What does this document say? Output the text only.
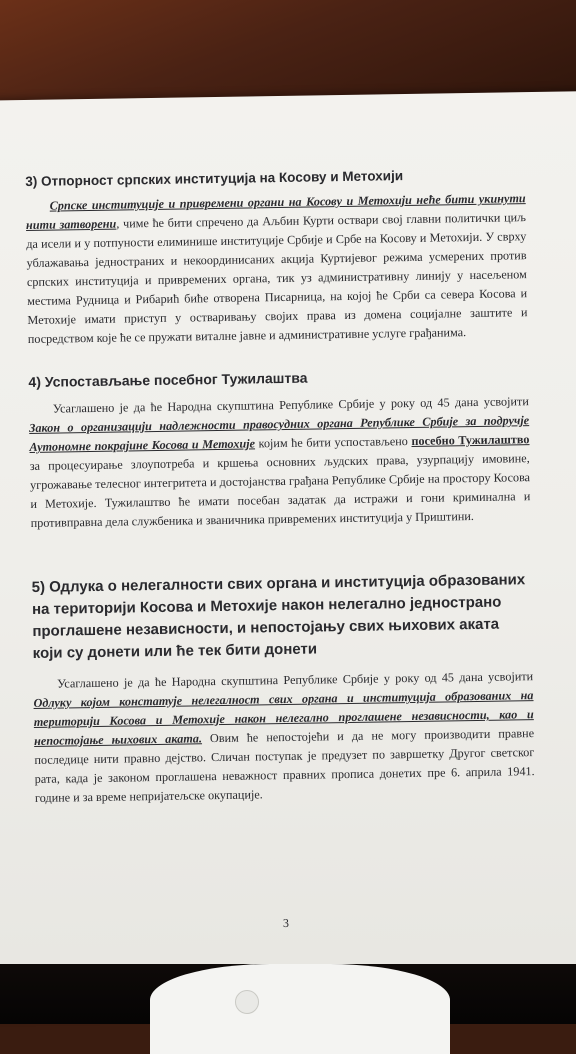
3) Отпорност српских институција на Косову и Метохији

Српске институције и привремени органи на Косову и Метохији неће бити укинути нити затворени, чиме ће бити спречено да Аљбин Курти оствари свој главни политички циљ да исели и у потпуности елиминише институције Србије и Србе на Косову и Метохији. У сврху ублажавања једностраних и некоординисаних акција Куртијевог режима усмерених против српских институција и привремених органа, тик уз административну линију у насељеном местима Рудница и Рибарић биће отворена Писарница, на којој ће Срби са севера Косова и Метохије имати приступ у остваривању својих права из домена социјалне заштите и посредством које ће се пружати виталне јавне и административне услуге грађанима.

4) Успостављање посебног Тужилаштва

Усаглашено је да ће Народна скупштина Републике Србије у року од 45 дана усвојити Закон о организацији надлежности правосудних органа Републике Србије за подручје Аутономне покрајине Косова и Метохије којим ће бити успостављено посебно Тужилаштво за процесуирање злоупотреба и кршења основних људских права, узурпацију имовине, угрожавање телесног интегритета и достојанства грађана Републике Србије на простору Косова и Метохије. Тужилаштво ће имати посебан задатак да истражи и гони криминална и противправна дела службеника и званичника привремених институција у Приштини.

5) Одлука о нелегалности свих органа и институција образованих на територији Косова и Метохије након нелегално једнострано проглашене независности, и непостојању свих њихових аката који су донети или ће тек бити донети

Усаглашено је да ће Народна скупштина Републике Србије у року од 45 дана усвојити Одлуку којом констатује нелегалност свих органа и институција образованих на територији Косова и Метохије након нелегално проглашене независности, као и непостојање њихових аката. Овим ће непостојећи и да не могу производити правне последице нити правно дејство. Сличан поступак је предузет по завршетку Другог светског рата, када је законом проглашена неважност правних прописа донетих пре 6. априла 1941. године и за време непријатељске окупације.

3
